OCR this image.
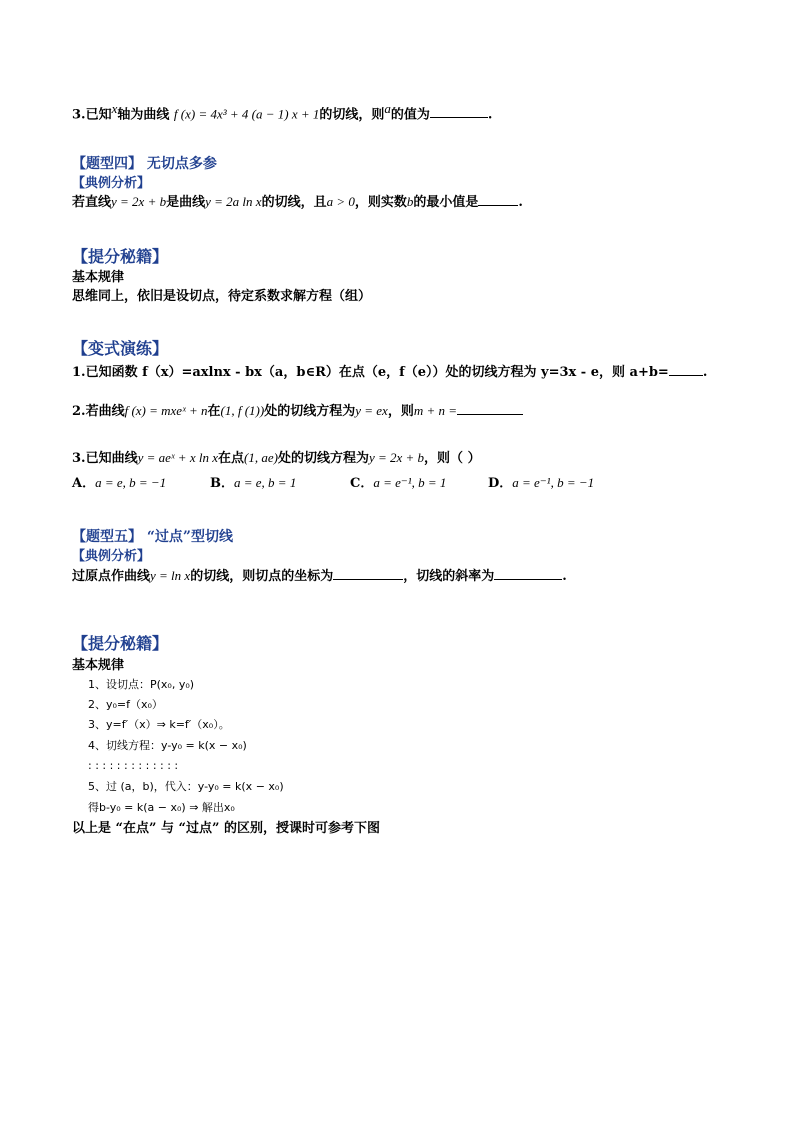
3.已知$^x$轴为曲线 f (x) = 4x³ + 4 (a − 1) x + 1的切线，则$^a$的值为	.
【题型四】 无切点多参
【典例分析】
若直线y = 2x + b是曲线y = 2a ln x的切线，且a > 0，则实数b的最小值是	.
【提分秘籍】
基本规律
思维同上，依旧是设切点，待定系数求解方程（组）
【变式演练】
1.已知函数 f（x）=axlnx - bx（a，b∈R）在点（e，f（e））处的切线方程为 y=3x - e，则 a+b=	.
2.若曲线f (x) = mxeˣ + n在(1, f (1))处的切线方程为y = ex，则m + n =
3.已知曲线y = aeˣ + x ln x在点(1, ae)处的切线方程为y = 2x + b，则（ ）
A．a = e, b = −1	B．a = e, b = 1	C．a = e⁻¹, b = 1	D．a = e⁻¹, b = −1
【题型五】 “过点”型切线
【典例分析】
过原点作曲线y = ln x的切线，则切点的坐标为	，切线的斜率为	.
【提分秘籍】
基本规律
1、设切点：P(x₀, y₀)
2、y₀=f（x₀）
3、y=f′（x）⇒ k=f′（x₀）。
4、切线方程：y-y₀ = k(x − x₀)
: : : : : : : : : : : : :
5、过 (a，b)，代入：y-y₀ = k(x − x₀)
得b-y₀ = k(a − x₀) ⇒ 解出x₀
以上是 “在点” 与 “过点” 的区别，授课时可参考下图
